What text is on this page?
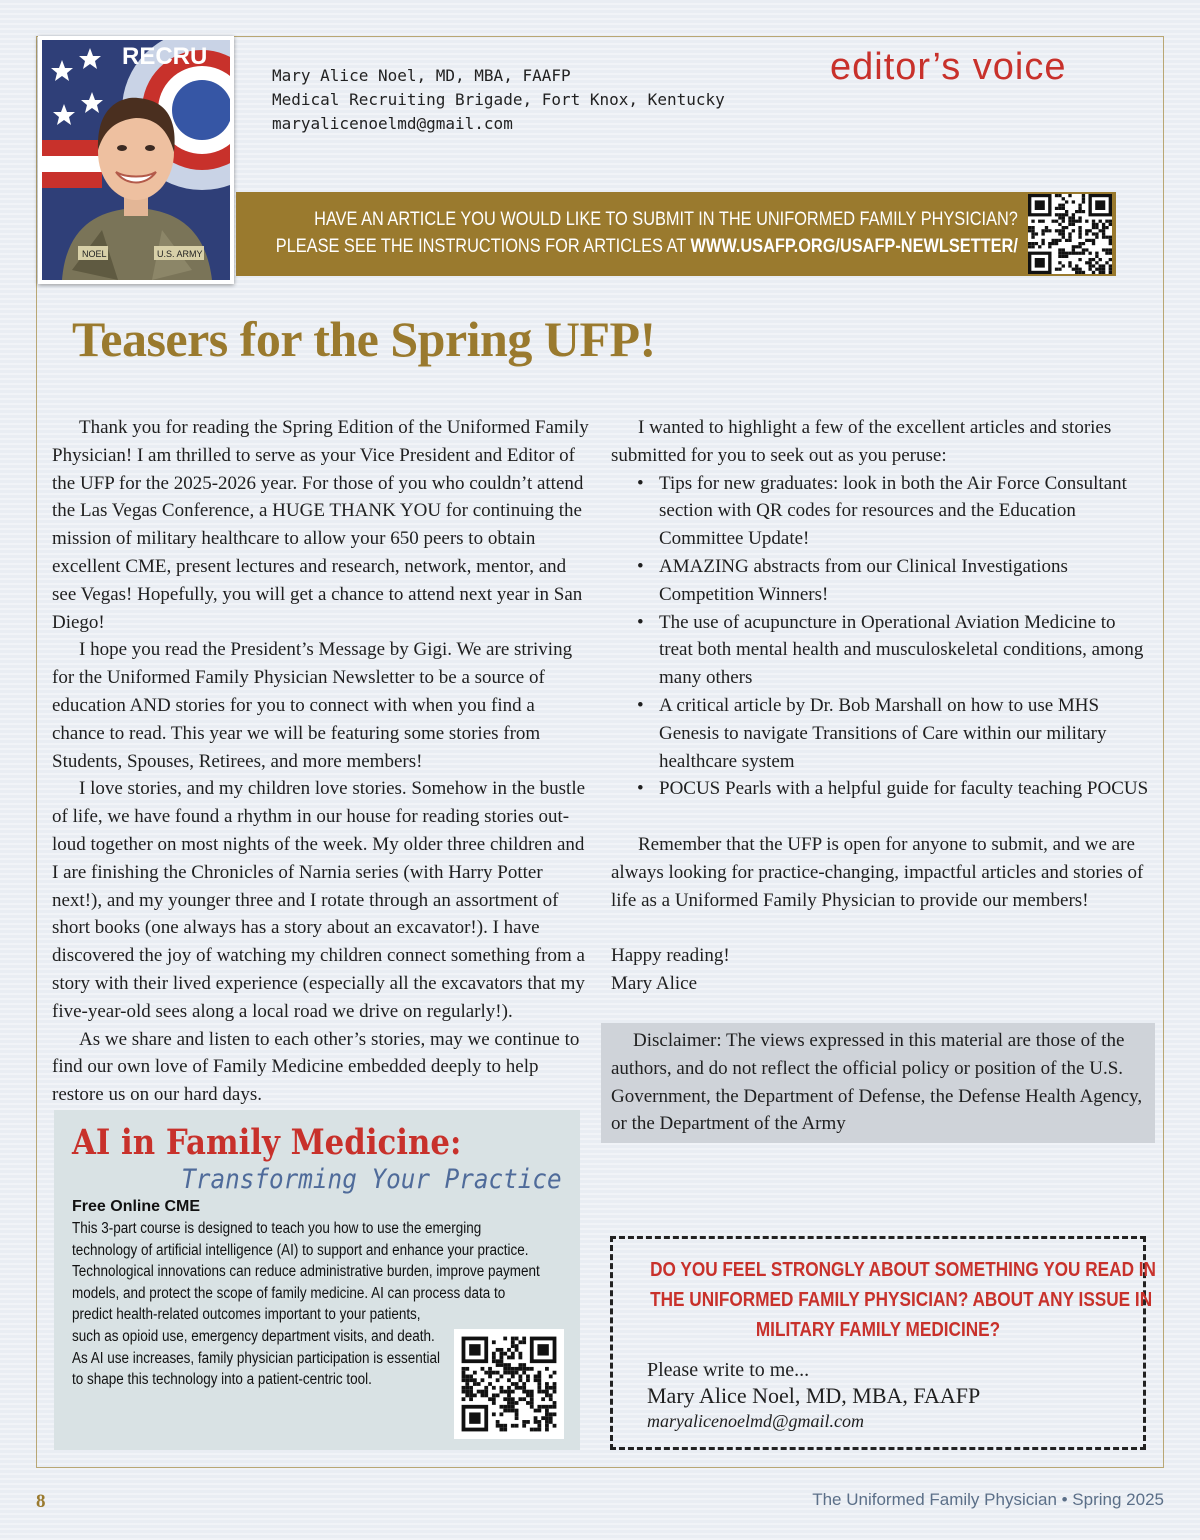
RECRU
NOEL	U.S. ARMY
Mary Alice Noel, MD, MBA, FAAFP
Medical Recruiting Brigade, Fort Knox, Kentucky
maryalicenoelmd@gmail.com
editor’s voice
HAVE AN ARTICLE YOU WOULD LIKE TO SUBMIT IN THE UNIFORMED FAMILY PHYSICIAN?
PLEASE SEE THE INSTRUCTIONS FOR ARTICLES AT WWW.USAFP.ORG/USAFP-NEWLSETTER/
Teasers for the Spring UFP!

Thank you for reading the Spring Edition of the Uniformed Family Physician! I am thrilled to serve as your Vice President and Editor of the UFP for the 2025-2026 year. For those of you who couldn’t attend the Las Vegas Conference, a HUGE THANK YOU for continuing the mission of military healthcare to allow your 650 peers to obtain excellent CME, present lectures and research, network, mentor, and see Vegas! Hopefully, you will get a chance to attend next year in San Diego!

I hope you read the President’s Message by Gigi. We are striving for the Uniformed Family Physician Newsletter to be a source of education AND stories for you to connect with when you find a chance to read. This year we will be featuring some stories from Students, Spouses, Retirees, and more members!

I love stories, and my children love stories. Somehow in the bustle of life, we have found a rhythm in our house for reading stories out-loud together on most nights of the week. My older three children and I are finishing the Chronicles of Narnia series (with Harry Potter next!), and my younger three and I rotate through an assortment of short books (one always has a story about an excavator!). I have discovered the joy of watching my children connect something from a story with their lived experience (especially all the excavators that my five-year-old sees along a local road we drive on regularly!).

As we share and listen to each other’s stories, may we continue to find our own love of Family Medicine embedded deeply to help restore us on our hard days.

I wanted to highlight a few of the excellent articles and stories submitted for you to seek out as you peruse:

• Tips for new graduates: look in both the Air Force Consultant section with QR codes for resources and the Education Committee Update!
• AMAZING abstracts from our Clinical Investigations Competition Winners!
• The use of acupuncture in Operational Aviation Medicine to treat both mental health and musculoskeletal conditions, among many others
• A critical article by Dr. Bob Marshall on how to use MHS Genesis to navigate Transitions of Care within our military healthcare system
• POCUS Pearls with a helpful guide for faculty teaching POCUS

Remember that the UFP is open for anyone to submit, and we are always looking for practice-changing, impactful articles and stories of life as a Uniformed Family Physician to provide our members!

Happy reading!

Mary Alice

Disclaimer: The views expressed in this material are those of the authors, and do not reflect the official policy or position of the U.S. Government, the Department of Defense, the Defense Health Agency, or the Department of the Army

AI in Family Medicine:
Transforming Your Practice
Free Online CME
This 3-part course is designed to teach you how to use the emerging
technology of artificial intelligence (AI) to support and enhance your practice.
Technological innovations can reduce administrative burden, improve payment
models, and protect the scope of family medicine. AI can process data to
predict health-related outcomes important to your patients,
such as opioid use, emergency department visits, and death.
As AI use increases, family physician participation is essential
to shape this technology into a patient-centric tool.
DO YOU FEEL STRONGLY ABOUT SOMETHING YOU READ IN
THE UNIFORMED FAMILY PHYSICIAN? ABOUT ANY ISSUE IN
MILITARY FAMILY MEDICINE?
Please write to me...
Mary Alice Noel, MD, MBA, FAAFP
maryalicenoelmd@gmail.com
8	The Uniformed Family Physician • Spring 2025
